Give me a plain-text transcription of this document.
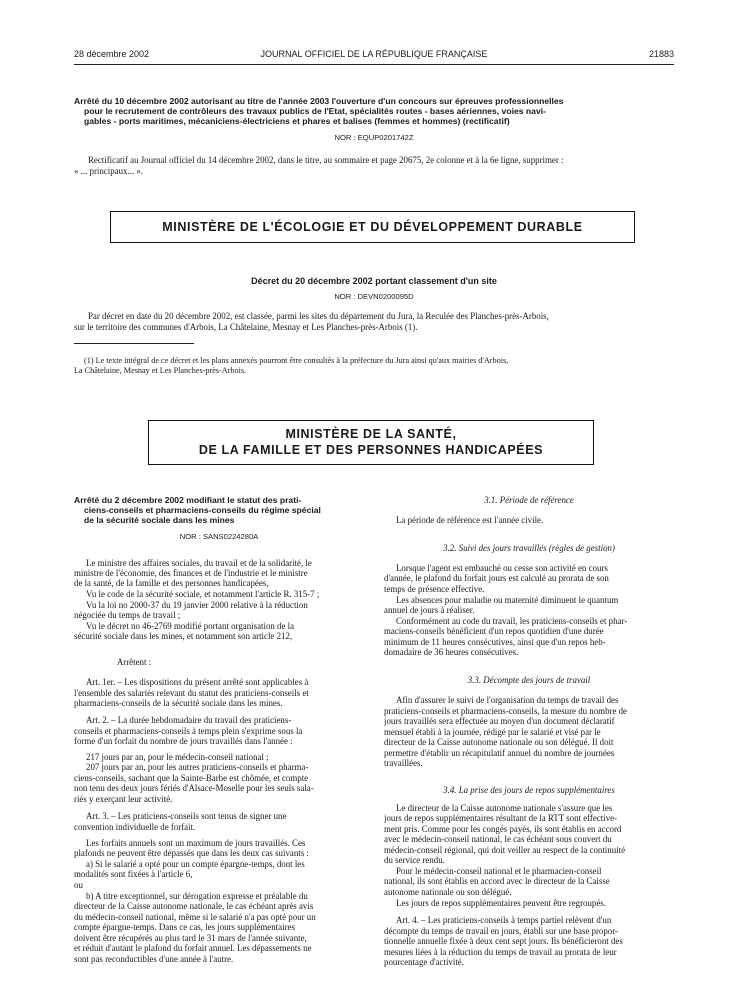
28 décembre 2002	JOURNAL OFFICIEL DE LA RÉPUBLIQUE FRANÇAISE	21883
Arrêté du 10 décembre 2002 autorisant au titre de l'année 2003 l'ouverture d'un concours sur épreuves professionnelles
pour le recrutement de contrôleurs des travaux publics de l'Etat, spécialités routes - bases aériennes, voies navi-
gables - ports maritimes, mécaniciens-électriciens et phares et balises (femmes et hommes) (rectificatif)
NOR : EQUP0201742Z
Rectificatif au Journal officiel du 14 décembre 2002, dans le titre, au sommaire et page 20675, 2e colonne et à la 6e ligne, supprimer :
« ... principaux... ».
MINISTÈRE DE L'ÉCOLOGIE ET DU DÉVELOPPEMENT DURABLE
Décret du 20 décembre 2002 portant classement d'un site
NOR : DEVN0200095D
Par décret en date du 20 décembre 2002, est classée, parmi les sites du département du Jura, la Reculée des Planches-près-Arbois,
sur le territoire des communes d'Arbois, La Châtelaine, Mesnay et Les Planches-près-Arbois (1).
(1) Le texte intégral de ce décret et les plans annexés pourront être consultés à la préfecture du Jura ainsi qu'aux mairies d'Arbois,
La Châtelaine, Mesnay et Les Planches-près-Arbois.
MINISTÈRE DE LA SANTÉ,
DE LA FAMILLE ET DES PERSONNES HANDICAPÉES
Arrêté du 2 décembre 2002 modifiant le statut des prati-
ciens-conseils et pharmaciens-conseils du régime spécial
de la sécurité sociale dans les mines
NOR : SANS0224280A
Le ministre des affaires sociales, du travail et de la solidarité, le
ministre de l'économie, des finances et de l'industrie et le ministre
de la santé, de la famille et des personnes handicapées,
Vu le code de la sécurité sociale, et notamment l'article R. 315-7 ;
Vu la loi no 2000-37 du 19 janvier 2000 relative à la réduction
négociée du temps de travail ;
Vu le décret no 46-2769 modifié portant organisation de la
sécurité sociale dans les mines, et notamment son article 212,
Arrêtent :
Art. 1er. – Les dispositions du présent arrêté sont applicables à
l'ensemble des salariés relevant du statut des praticiens-conseils et
pharmaciens-conseils de la sécurité sociale dans les mines.
Art. 2. – La durée hebdomadaire du travail des praticiens-
conseils et pharmaciens-conseils à temps plein s'exprime sous la
forme d'un forfait du nombre de jours travaillés dans l'année :
217 jours par an, pour le médecin-conseil national ;
207 jours par an, pour les autres praticiens-conseils et pharma-
ciens-conseils, sachant que la Sainte-Barbe est chômée, et compte
non tenu des deux jours fériés d'Alsace-Moselle pour les seuls sala-
riés y exerçant leur activité.
Art. 3. – Les praticiens-conseils sont tenus de signer une
convention individuelle de forfait.
Les forfaits annuels sont un maximum de jours travaillés. Ces
plafonds ne peuvent être dépassés que dans les deux cas suivants :
a) Si le salarié a opté pour un compte épargne-temps, dont les
modalités sont fixées à l'article 6,
ou
b) A titre exceptionnel, sur dérogation expresse et préalable du
directeur de la Caisse autonome nationale, le cas échéant après avis
du médecin-conseil national, même si le salarié n'a pas opté pour un
compte épargne-temps. Dans ce cas, les jours supplémentaires
doivent être récupérés au plus tard le 31 mars de l'année suivante,
et réduit d'autant le plafond du forfait annuel. Les dépassements ne
sont pas reconductibles d'une année à l'autre.
3.1. Période de référence
La période de référence est l'année civile.
3.2. Suivi des jours travaillés (règles de gestion)
Lorsque l'agent est embauché ou cesse son activité en cours
d'année, le plafond du forfait jours est calculé au prorata de son
temps de présence effective.
Les absences pour maladie ou maternité diminuent le quantum
annuel de jours à réaliser.
Conformément au code du travail, les praticiens-conseils et phar-
maciens-conseils bénéficient d'un repos quotidien d'une durée
minimum de 11 heures consécutives, ainsi que d'un repos heb-
domadaire de 36 heures consécutives.
3.3. Décompte des jours de travail
Afin d'assurer le suivi de l'organisation du temps de travail des
praticiens-conseils et pharmaciens-conseils, la mesure du nombre de
jours travaillés sera effectuée au moyen d'un document déclaratif
mensuel établi à la journée, rédigé par le salarié et visé par le
directeur de la Caisse autonome nationale ou son délégué. Il doit
permettre d'établir un récapitulatif annuel du nombre de journées
travaillées.
3.4. La prise des jours de repos supplémentaires
Le directeur de la Caisse autonome nationale s'assure que les
jours de repos supplémentaires résultant de la RTT sont effective-
ment pris. Comme pour les congés payés, ils sont établis en accord
avec le médecin-conseil national, le cas échéant sous couvert du
médecin-conseil régional, qui doit veiller au respect de la continuité
du service rendu.
Pour le médecin-conseil national et le pharmacien-conseil
national, ils sont établis en accord avec le directeur de la Caisse
autonome nationale ou son délégué.
Les jours de repos supplémentaires peuvent être regroupés.
Art. 4. – Les praticiens-conseils à temps partiel relèvent d'un
décompte du temps de travail en jours, établi sur une base propor-
tionnelle annuelle fixée à deux cent sept jours. Ils bénéficieront des
mesures liées à la réduction du temps de travail au prorata de leur
pourcentage d'activité.
